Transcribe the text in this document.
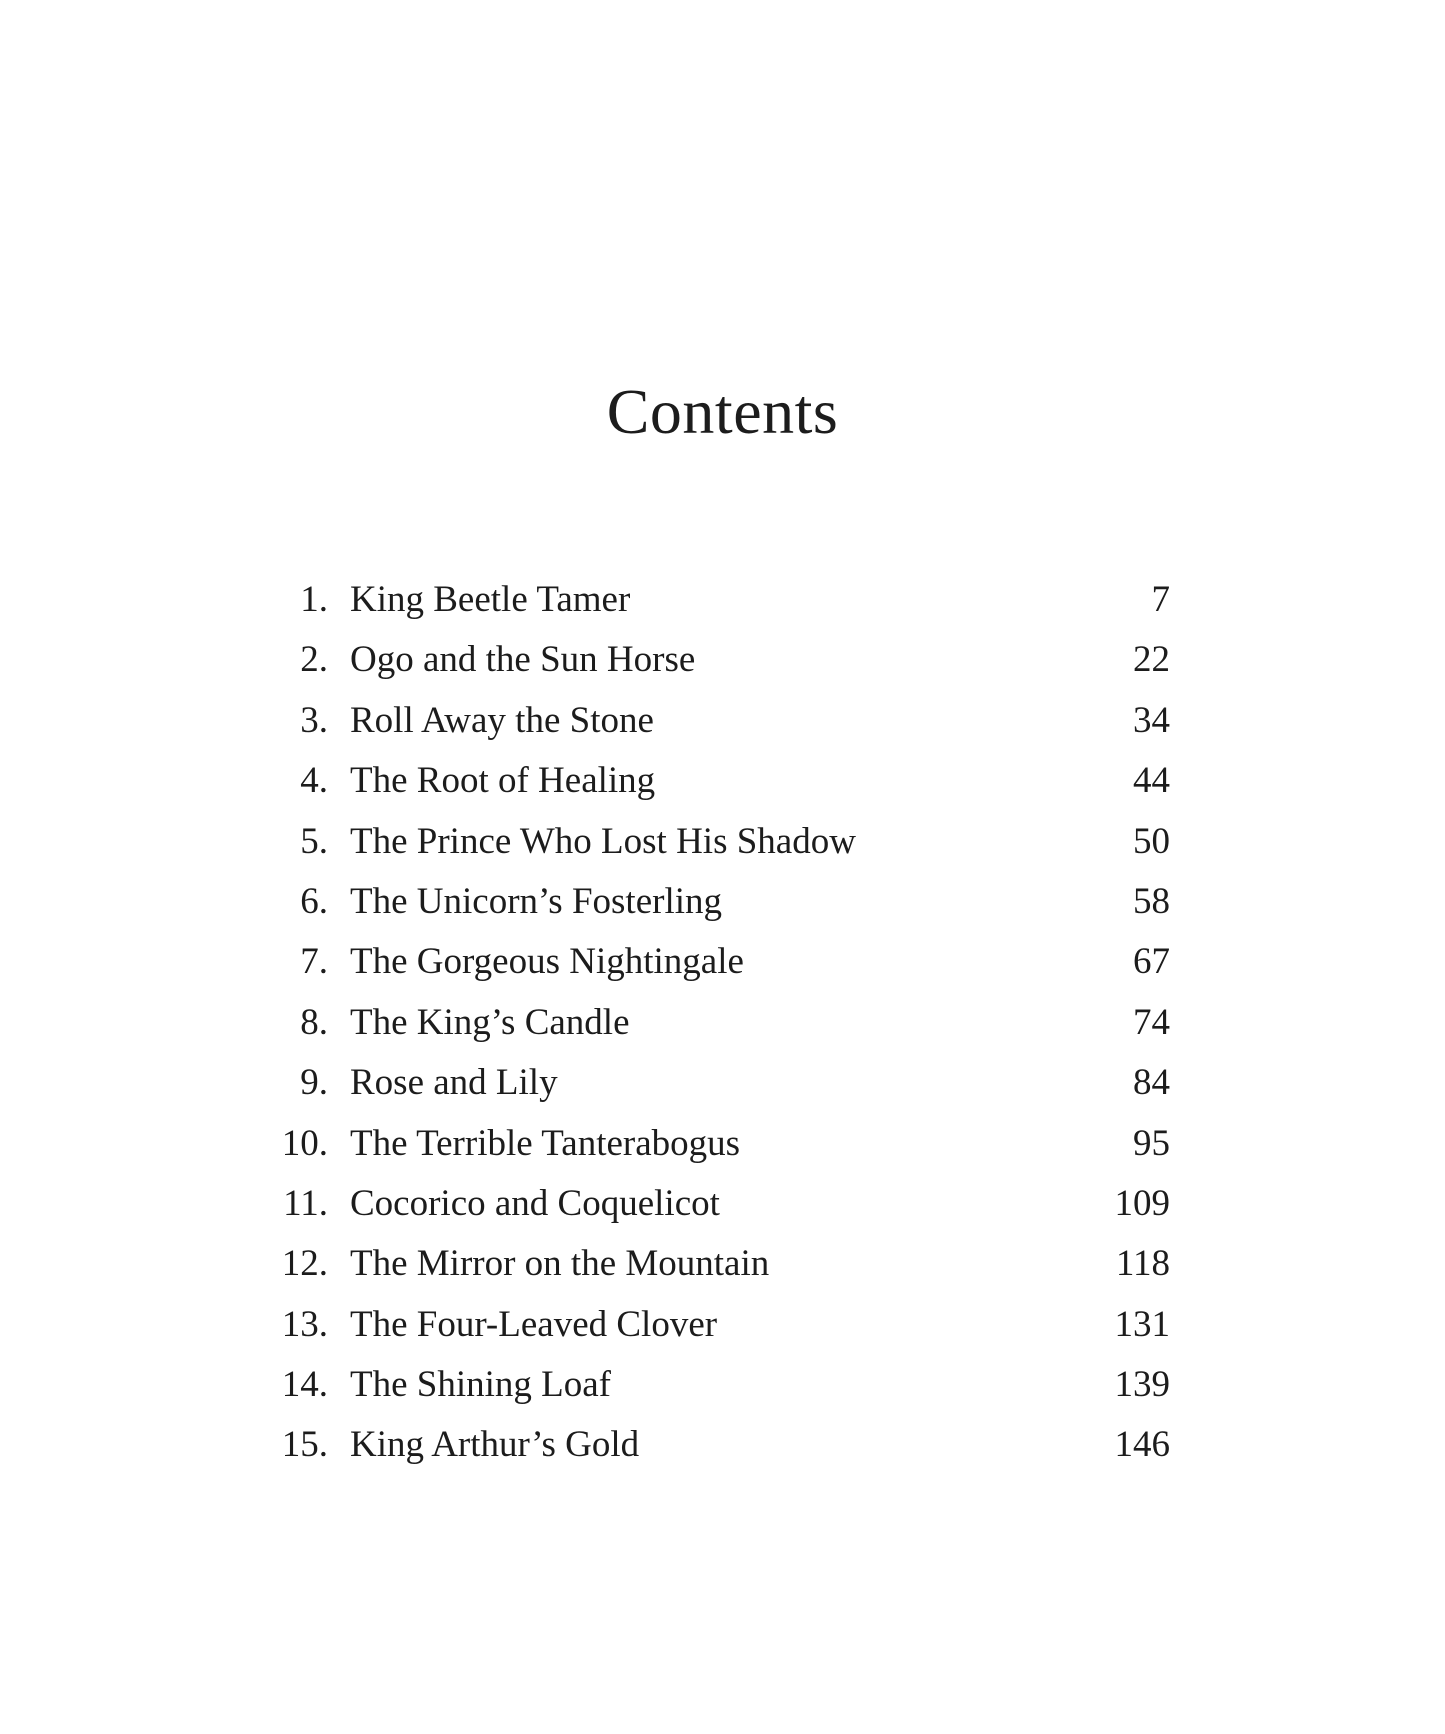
Contents
1. King Beetle Tamer	7
2. Ogo and the Sun Horse	22
3. Roll Away the Stone	34
4. The Root of Healing	44
5. The Prince Who Lost His Shadow	50
6. The Unicorn’s Fosterling	58
7. The Gorgeous Nightingale	67
8. The King’s Candle	74
9. Rose and Lily	84
10. The Terrible Tanterabogus	95
11. Cocorico and Coquelicot	109
12. The Mirror on the Mountain	118
13. The Four-Leaved Clover	131
14. The Shining Loaf	139
15. King Arthur’s Gold	146
